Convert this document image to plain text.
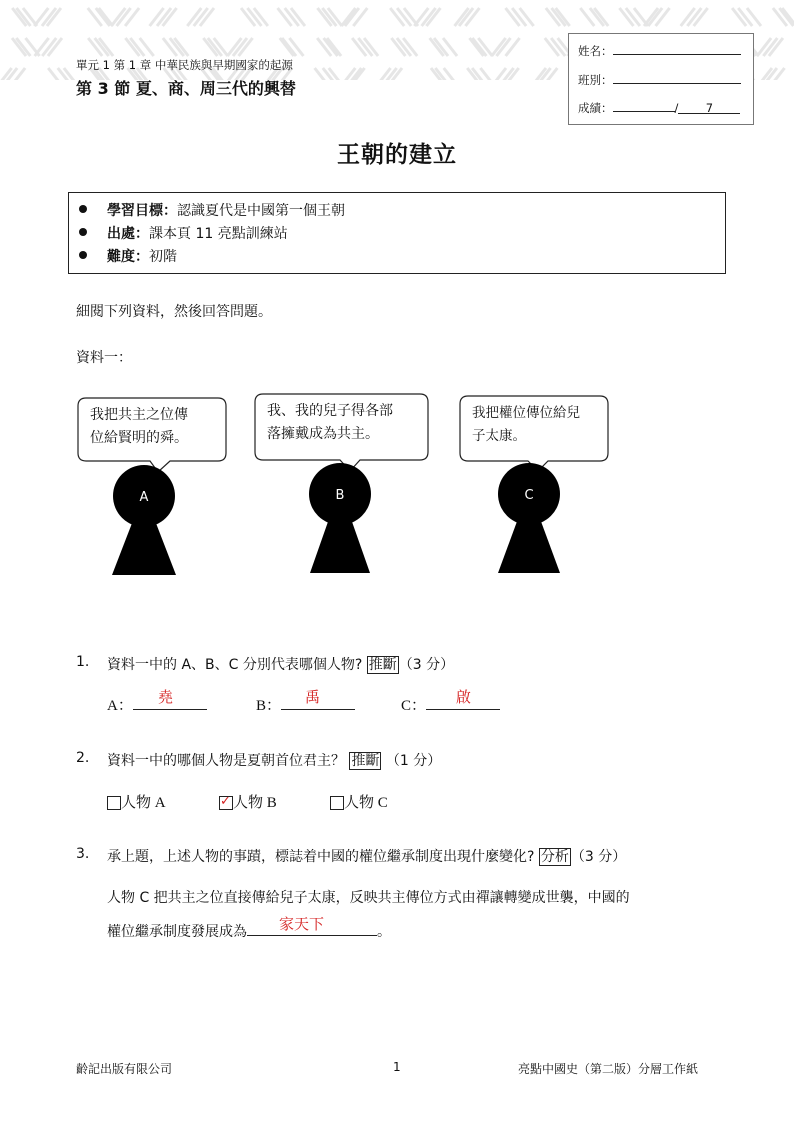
單元 1 第 1 章 中華民族與早期國家的起源
第 3 節 夏、商、周三代的興替
姓名：
班別：
成績：	/ 7
王朝的建立
學習目標：認識夏代是中國第一個王朝
出處：課本頁 11 亮點訓練站
難度：初階
細閱下列資料，然後回答問題。
資料一：
我把共主之位傳
位給賢明的舜。
我、我的兒子得各部
落擁戴成為共主。
我把權位傳位給兒
子太康。
A	B	C
1. 資料一中的 A、B、C 分別代表哪個人物? 推斷 （3 分）
A：	堯	B：	禹	C：	啟
2. 資料一中的哪個人物是夏朝首位君主？ 推斷 （1 分）
人物 A	✓ 人物 B	人物 C
3. 承上題，上述人物的事蹟，標誌着中國的權位繼承制度出現什麼變化? 分析 （3 分）
人物 C 把共主之位直接傳給兒子太康，反映共主傳位方式由禪讓轉變成世襲，中國的
權位繼承制度發展成為 家天下	。
齡記出版有限公司	1	亮點中國史（第二版）分層工作紙
